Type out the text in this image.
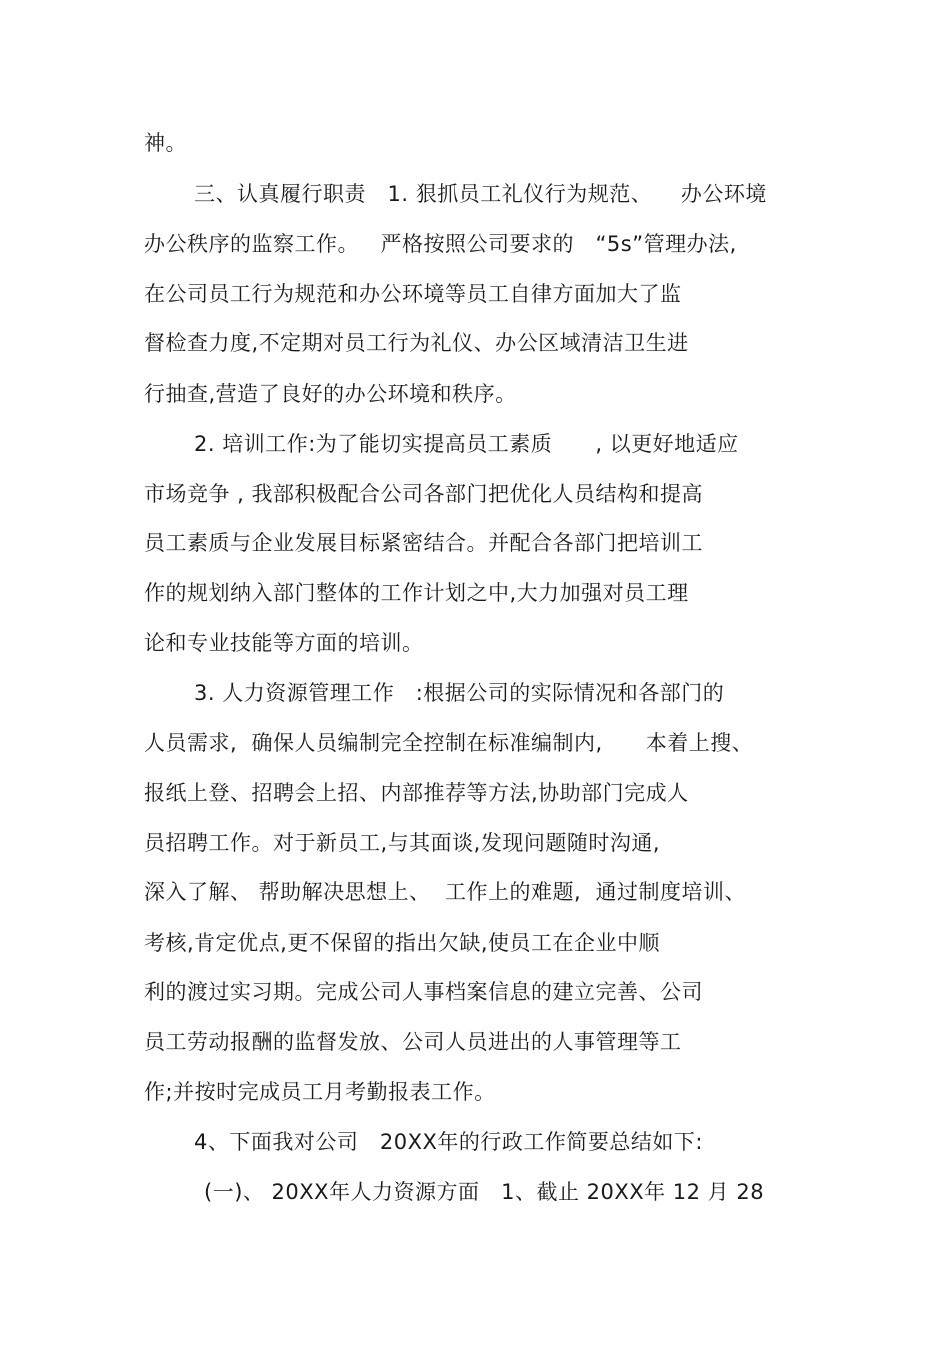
神。
三、认真履行职责   1. 狠抓员工礼仪行为规范、    办公环境
办公秩序的监察工作。   严格按照公司要求的   “5s”管理办法,
在公司员工行为规范和办公环境等员工自律方面加大了监
督检查力度,不定期对员工行为礼仪、办公区域清洁卫生进
行抽查,营造了良好的办公环境和秩序。
2. 培训工作:为了能切实提高员工素质      , 以更好地适应
市场竞争 , 我部积极配合公司各部门把优化人员结构和提高
员工素质与企业发展目标紧密结合。并配合各部门把培训工
作的规划纳入部门整体的工作计划之中,大力加强对员工理
论和专业技能等方面的培训。
3. 人力资源管理工作   :根据公司的实际情况和各部门的
人员需求,  确保人员编制完全控制在标准编制内,      本着上搜、
报纸上登、招聘会上招、内部推荐等方法,协助部门完成人
员招聘工作。对于新员工,与其面谈,发现问题随时沟通,
深入了解、 帮助解决思想上、  工作上的难题,  通过制度培训、
考核,肯定优点,更不保留的指出欠缺,使员工在企业中顺
利的渡过实习期。完成公司人事档案信息的建立完善、公司
员工劳动报酬的监督发放、公司人员进出的人事管理等工
作;并按时完成员工月考勤报表工作。
4、下面我对公司   20XX年的行政工作简要总结如下:
(一)、 20XX年人力资源方面   1、截止 20XX年 12 月 28
